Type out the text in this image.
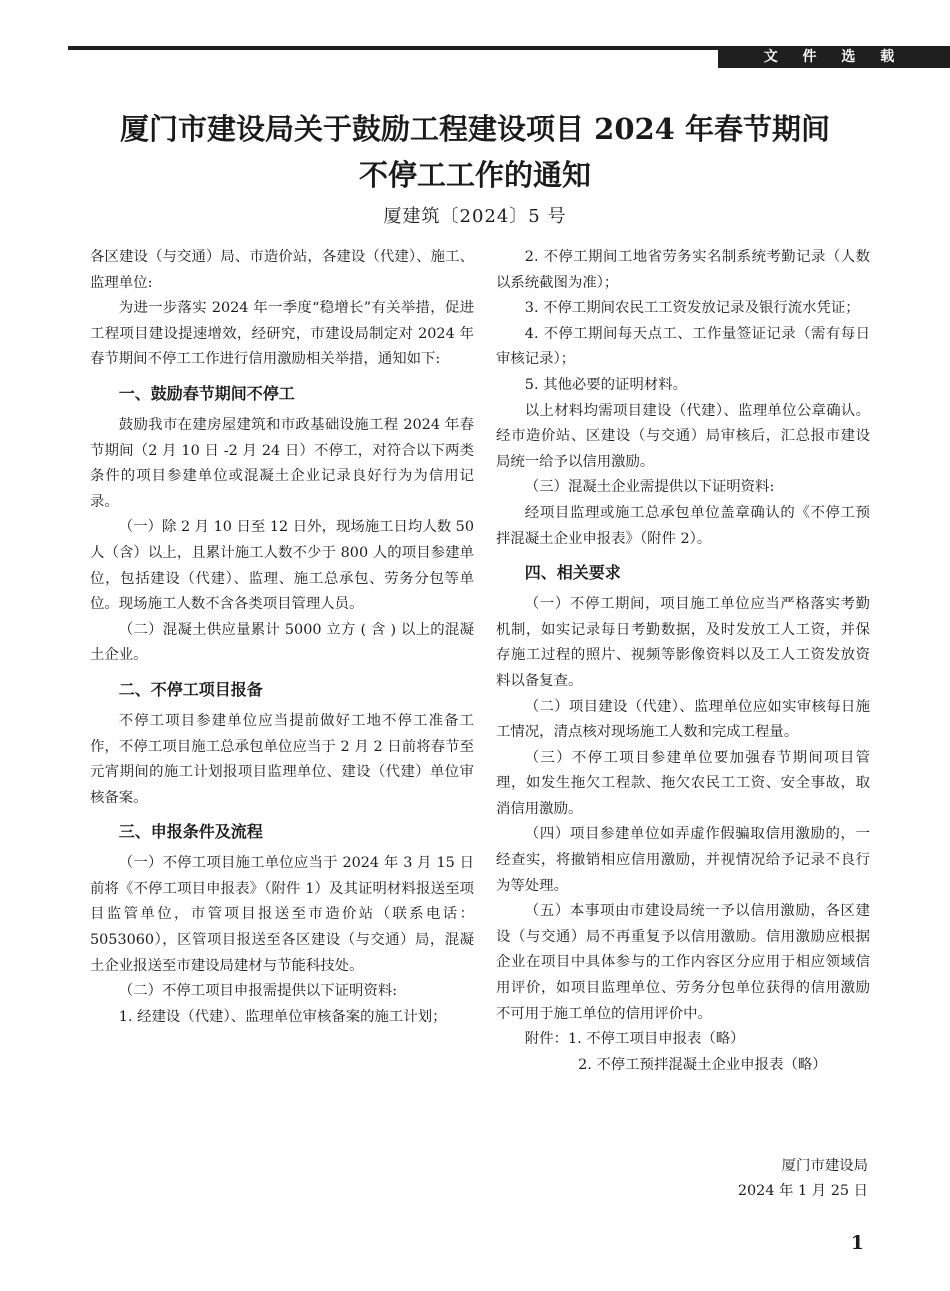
文 件 选 载
厦门市建设局关于鼓励工程建设项目 2024 年春节期间
不停工工作的通知
厦建筑〔2024〕5 号

各区建设（与交通）局、市造价站，各建设（代建）、施工、监理单位:

为进一步落实 2024 年一季度“稳增长”有关举措，促进工程项目建设提速增效，经研究，市建设局制定对 2024 年春节期间不停工工作进行信用激励相关举措，通知如下:

一、鼓励春节期间不停工

鼓励我市在建房屋建筑和市政基础设施工程 2024 年春节期间（2 月 10 日 -2 月 24 日）不停工，对符合以下两类条件的项目参建单位或混凝土企业记录良好行为为信用记录。

（一）除 2 月 10 日至 12 日外，现场施工日均人数 50 人（含）以上，且累计施工人数不少于 800 人的项目参建单位，包括建设（代建）、监理、施工总承包、劳务分包等单位。现场施工人数不含各类项目管理人员。

（二）混凝土供应量累计 5000 立方 ( 含 ) 以上的混凝土企业。

二、不停工项目报备

不停工项目参建单位应当提前做好工地不停工准备工作，不停工项目施工总承包单位应当于 2 月 2 日前将春节至元宵期间的施工计划报项目监理单位、建设（代建）单位审核备案。

三、申报条件及流程

（一）不停工项目施工单位应当于 2024 年 3 月 15 日前将《不停工项目申报表》（附件 1）及其证明材料报送至项目监管单位，市管项目报送至市造价站（联系电话：5053060），区管项目报送至各区建设（与交通）局，混凝土企业报送至市建设局建材与节能科技处。

（二）不停工项目申报需提供以下证明资料:

1. 经建设（代建）、监理单位审核备案的施工计划；

2. 不停工期间工地省劳务实名制系统考勤记录（人数以系统截图为准）；

3. 不停工期间农民工工资发放记录及银行流水凭证；

4. 不停工期间每天点工、工作量签证记录（需有每日审核记录）；

5. 其他必要的证明材料。

以上材料均需项目建设（代建）、监理单位公章确认。经市造价站、区建设（与交通）局审核后，汇总报市建设局统一给予以信用激励。

（三）混凝土企业需提供以下证明资料:

经项目监理或施工总承包单位盖章确认的《不停工预拌混凝土企业申报表》（附件 2）。

四、相关要求

（一）不停工期间，项目施工单位应当严格落实考勤机制，如实记录每日考勤数据，及时发放工人工资，并保存施工过程的照片、视频等影像资料以及工人工资发放资料以备复查。

（二）项目建设（代建）、监理单位应如实审核每日施工情况，清点核对现场施工人数和完成工程量。

（三）不停工项目参建单位要加强春节期间项目管理，如发生拖欠工程款、拖欠农民工工资、安全事故，取消信用激励。

（四）项目参建单位如弄虚作假骗取信用激励的，一经查实，将撤销相应信用激励，并视情况给予记录不良行为等处理。

（五）本事项由市建设局统一予以信用激励，各区建设（与交通）局不再重复予以信用激励。信用激励应根据企业在项目中具体参与的工作内容区分应用于相应领域信用评价，如项目监理单位、劳务分包单位获得的信用激励不可用于施工单位的信用评价中。

附件：1. 不停工项目申报表（略）

2. 不停工预拌混凝土企业申报表（略）

厦门市建设局
2024 年 1 月 25 日
1
